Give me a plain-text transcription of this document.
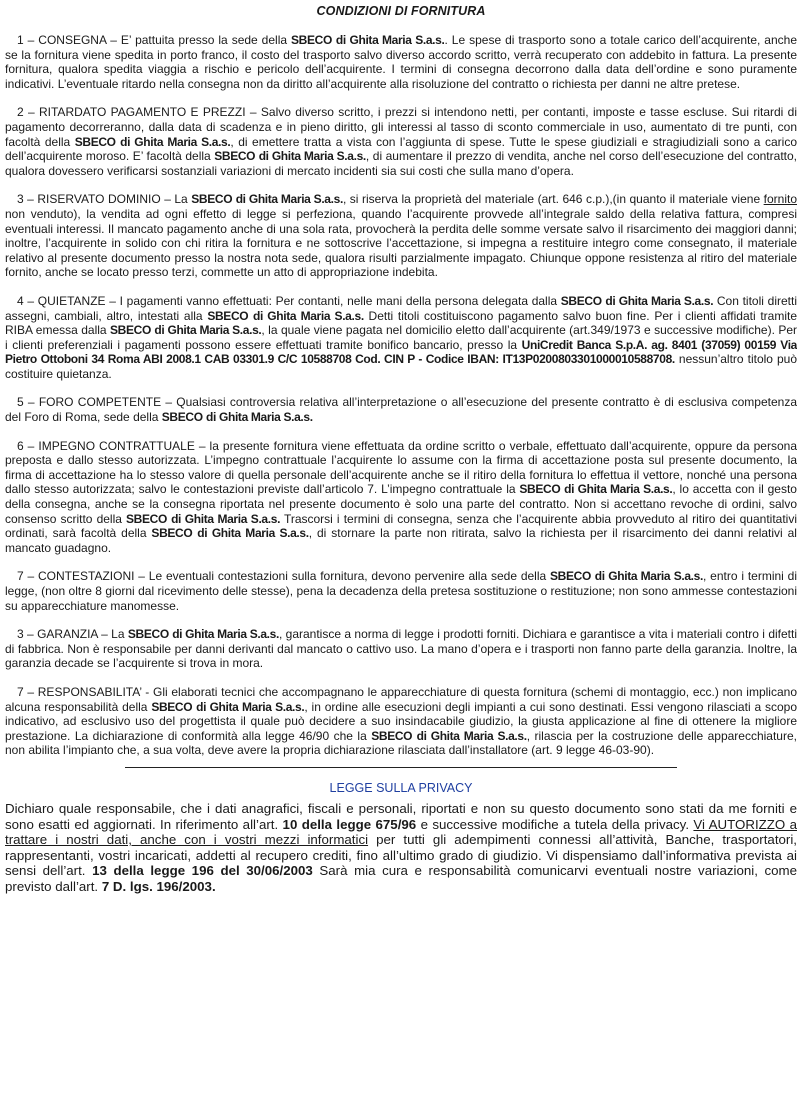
CONDIZIONI DI FORNITURA

1 – CONSEGNA – E’ pattuita presso la sede della SBECO di Ghita Maria S.a.s.. Le spese di trasporto sono a totale carico dell’acquirente, anche se la fornitura viene spedita in porto franco, il costo del trasporto salvo diverso accordo scritto, verrà recuperato con addebito in fattura. La presente fornitura, qualora spedita viaggia a rischio e pericolo dell’acquirente. I termini di consegna decorrono dalla data dell’ordine e sono puramente indicativi. L’eventuale ritardo nella consegna non da diritto all’acquirente alla risoluzione del contratto o richiesta per danni ne altre pretese.

2 – RITARDATO PAGAMENTO E PREZZI – Salvo diverso scritto, i prezzi si intendono netti, per contanti, imposte e tasse escluse. Sui ritardi di pagamento decorreranno, dalla data di scadenza e in pieno diritto, gli interessi al tasso di sconto commerciale in uso, aumentato di tre punti, con facoltà della SBECO di Ghita Maria S.a.s., di emettere tratta a vista con l’aggiunta di spese. Tutte le spese giudiziali e stragiudiziali sono a carico dell’acquirente moroso. E’ facoltà della SBECO di Ghita Maria S.a.s., di aumentare il prezzo di vendita, anche nel corso dell’esecuzione del contratto, qualora dovessero verificarsi sostanziali variazioni di mercato incidenti sia sui costi che sulla mano d’opera.

3 – RISERVATO DOMINIO – La SBECO di Ghita Maria S.a.s., si riserva la proprietà del materiale (art. 646 c.p.),(in quanto il materiale viene fornito non venduto), la vendita ad ogni effetto di legge si perfeziona, quando l’acquirente provvede all’integrale saldo della relativa fattura, compresi eventuali interessi. Il mancato pagamento anche di una sola rata, provocherà la perdita delle somme versate salvo il risarcimento dei maggiori danni; inoltre, l’acquirente in solido con chi ritira la fornitura e ne sottoscrive l’accettazione, si impegna a restituire integro come consegnato, il materiale relativo al presente documento presso la nostra nota sede, qualora risulti parzialmente impagato. Chiunque oppone resistenza al ritiro del materiale fornito, anche se locato presso terzi, commette un atto di appropriazione indebita.

4 – QUIETANZE – I pagamenti vanno effettuati: Per contanti, nelle mani della persona delegata dalla SBECO di Ghita Maria S.a.s. Con titoli diretti assegni, cambiali, altro, intestati alla SBECO di Ghita Maria S.a.s. Detti titoli costituiscono pagamento salvo buon fine. Per i clienti affidati tramite RIBA emessa dalla SBECO di Ghita Maria S.a.s., la quale viene pagata nel domicilio eletto dall’acquirente (art.349/1973 e successive modifiche). Per i clienti preferenziali i pagamenti possono essere effettuati tramite bonifico bancario, presso la UniCredit Banca S.p.A. ag. 8401 (37059) 00159 Via Pietro Ottoboni 34 Roma ABI 2008.1 CAB 03301.9 C/C 10588708 Cod. CIN P - Codice IBAN: IT13P0200803301000010588708. nessun’altro titolo può costituire quietanza.

5 – FORO COMPETENTE – Qualsiasi controversia relativa all’interpretazione o all’esecuzione del presente contratto è di esclusiva competenza del Foro di Roma, sede della SBECO di Ghita Maria S.a.s.

6 – IMPEGNO CONTRATTUALE – la presente fornitura viene effettuata da ordine scritto o verbale, effettuato dall’acquirente, oppure da persona preposta e dallo stesso autorizzata. L’impegno contrattuale l’acquirente lo assume con la firma di accettazione posta sul presente documento, la firma di accettazione ha lo stesso valore di quella personale dell’acquirente anche se il ritiro della fornitura lo effettua il vettore, nonché una persona dallo stesso autorizzata; salvo le contestazioni previste dall’articolo 7. L’impegno contrattuale la SBECO di Ghita Maria S.a.s., lo accetta con il gesto della consegna, anche se la consegna riportata nel presente documento è solo una parte del contratto. Non si accettano revoche di ordini, salvo consenso scritto della SBECO di Ghita Maria S.a.s. Trascorsi i termini di consegna, senza che l’acquirente abbia provveduto al ritiro dei quantitativi ordinati, sarà facoltà della SBECO di Ghita Maria S.a.s., di stornare la parte non ritirata, salvo la richiesta per il risarcimento dei danni relativi al mancato guadagno.

7 – CONTESTAZIONI – Le eventuali contestazioni sulla fornitura, devono pervenire alla sede della SBECO di Ghita Maria S.a.s., entro i termini di legge, (non oltre 8 giorni dal ricevimento delle stesse), pena la decadenza della pretesa sostituzione o restituzione; non sono ammesse contestazioni su apparecchiature manomesse.

3 – GARANZIA – La SBECO di Ghita Maria S.a.s., garantisce a norma di legge i prodotti forniti. Dichiara e garantisce a vita i materiali contro i difetti di fabbrica. Non è responsabile per danni derivanti dal mancato o cattivo uso. La mano d’opera e i trasporti non fanno parte della garanzia. Inoltre, la garanzia decade se l’acquirente si trova in mora.

7 – RESPONSABILITA’ - Gli elaborati tecnici che accompagnano le apparecchiature di questa fornitura (schemi di montaggio, ecc.) non implicano alcuna responsabilità della SBECO di Ghita Maria S.a.s., in ordine alle esecuzioni degli impianti a cui sono destinati. Essi vengono rilasciati a scopo indicativo, ad esclusivo uso del progettista il quale può decidere a suo insindacabile giudizio, la giusta applicazione al fine di ottenere la migliore prestazione. La dichiarazione di conformità alla legge 46/90 che la SBECO di Ghita Maria S.a.s., rilascia per la costruzione delle apparecchiature, non abilita l’impianto che, a sua volta, deve avere la propria dichiarazione rilasciata dall’installatore (art. 9 legge 46-03-90).

LEGGE SULLA PRIVACY

Dichiaro quale responsabile, che i dati anagrafici, fiscali e personali, riportati e non su questo documento sono stati da me forniti e sono esatti ed aggiornati. In riferimento all’art. 10 della legge 675/96 e successive modifiche a tutela della privacy. Vi AUTORIZZO a trattare i nostri dati, anche con i vostri mezzi informatici per tutti gli adempimenti connessi all’attività, Banche, trasportatori, rappresentanti, vostri incaricati, addetti al recupero crediti, fino all’ultimo grado di giudizio. Vi dispensiamo dall’informativa prevista ai sensi dell’art. 13 della legge 196 del 30/06/2003 Sarà mia cura e responsabilità comunicarvi eventuali nostre variazioni, come previsto dall’art. 7 D. lgs. 196/2003.
